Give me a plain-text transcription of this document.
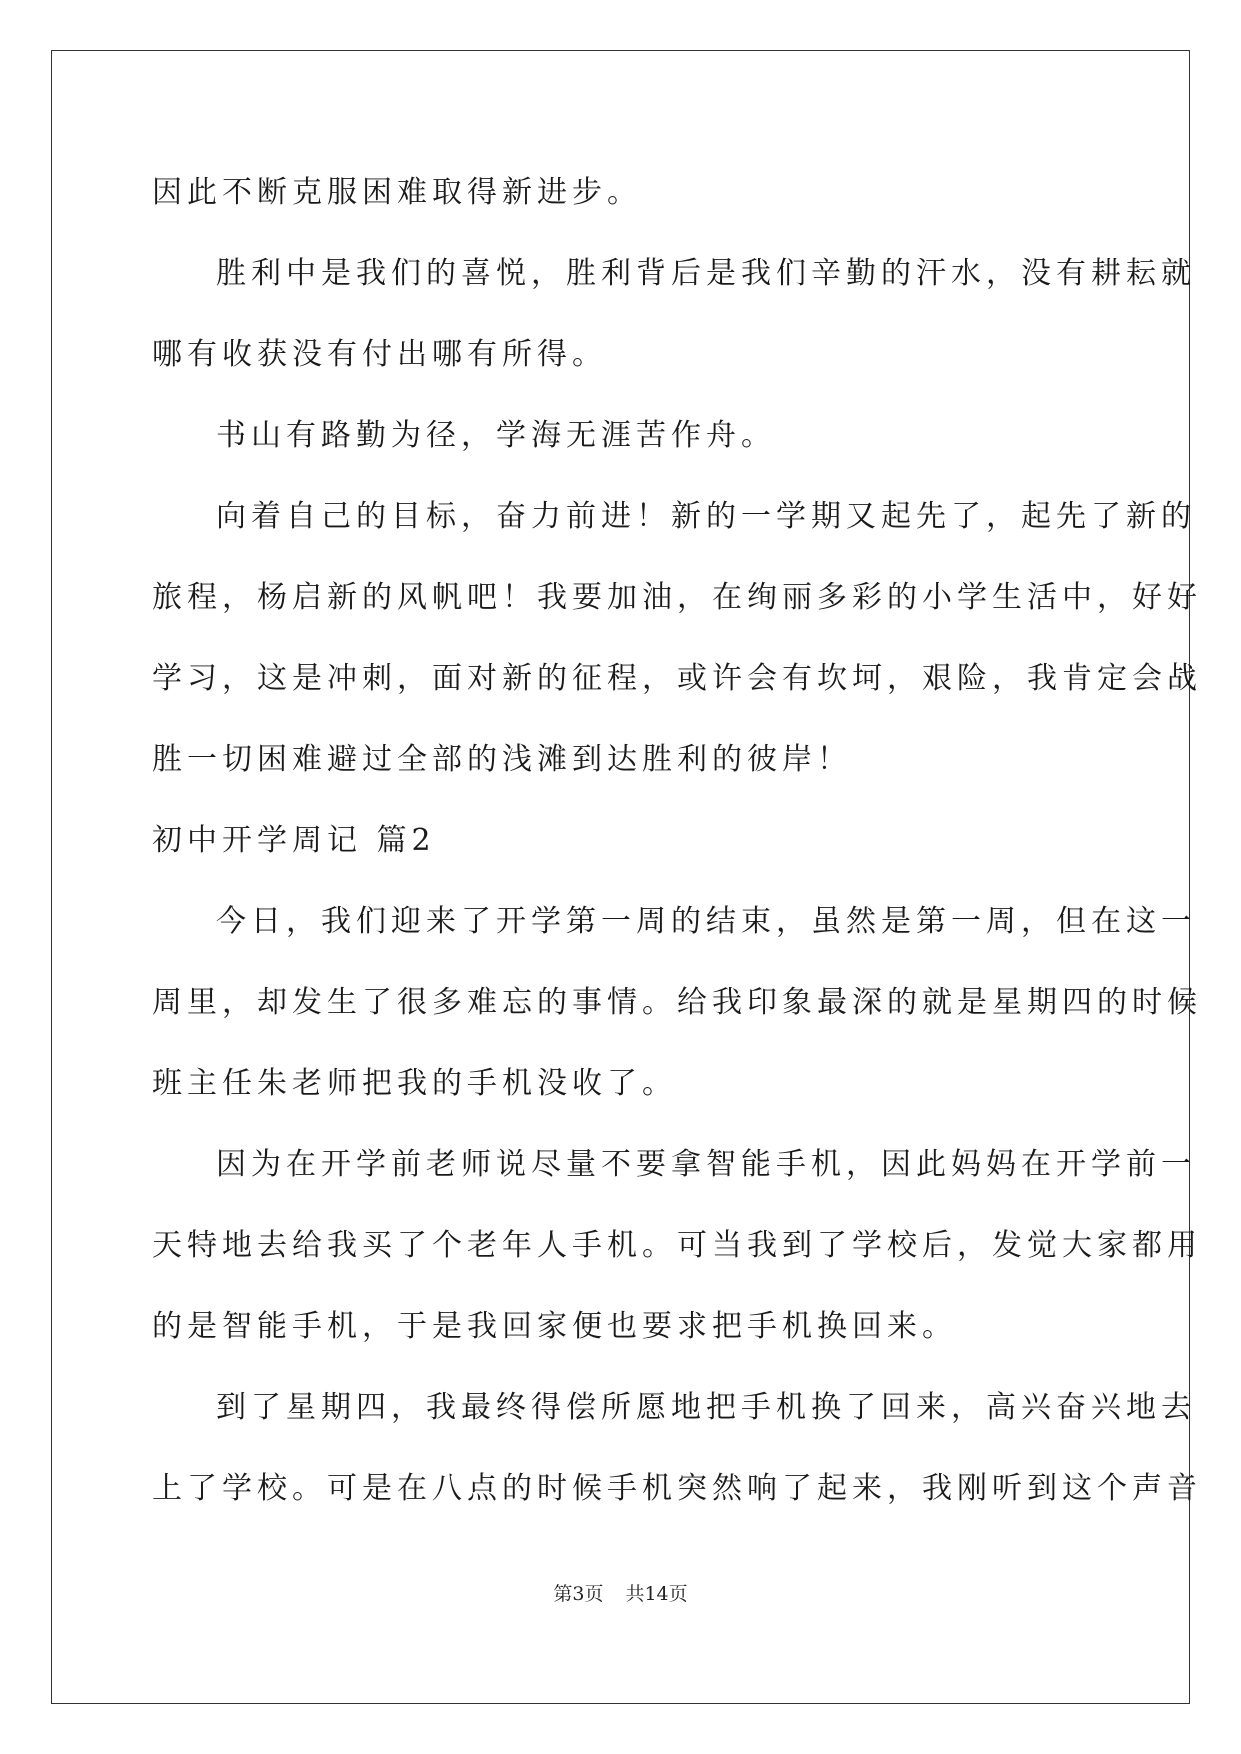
因此不断克服困难取得新进步。
胜利中是我们的喜悦，胜利背后是我们辛勤的汗水，没有耕耘就
哪有收获没有付出哪有所得。
书山有路勤为径，学海无涯苦作舟。
向着自己的目标，奋力前进！新的一学期又起先了，起先了新的
旅程，杨启新的风帆吧！我要加油，在绚丽多彩的小学生活中，好好
学习，这是冲刺，面对新的征程，或许会有坎坷，艰险，我肯定会战
胜一切困难避过全部的浅滩到达胜利的彼岸！
初中开学周记 篇2
今日，我们迎来了开学第一周的结束，虽然是第一周，但在这一
周里，却发生了很多难忘的事情。给我印象最深的就是星期四的时候
班主任朱老师把我的手机没收了。
因为在开学前老师说尽量不要拿智能手机，因此妈妈在开学前一
天特地去给我买了个老年人手机。可当我到了学校后，发觉大家都用
的是智能手机，于是我回家便也要求把手机换回来。
到了星期四，我最终得偿所愿地把手机换了回来，高兴奋兴地去
上了学校。可是在八点的时候手机突然响了起来，我刚听到这个声音
第3页 共14页
